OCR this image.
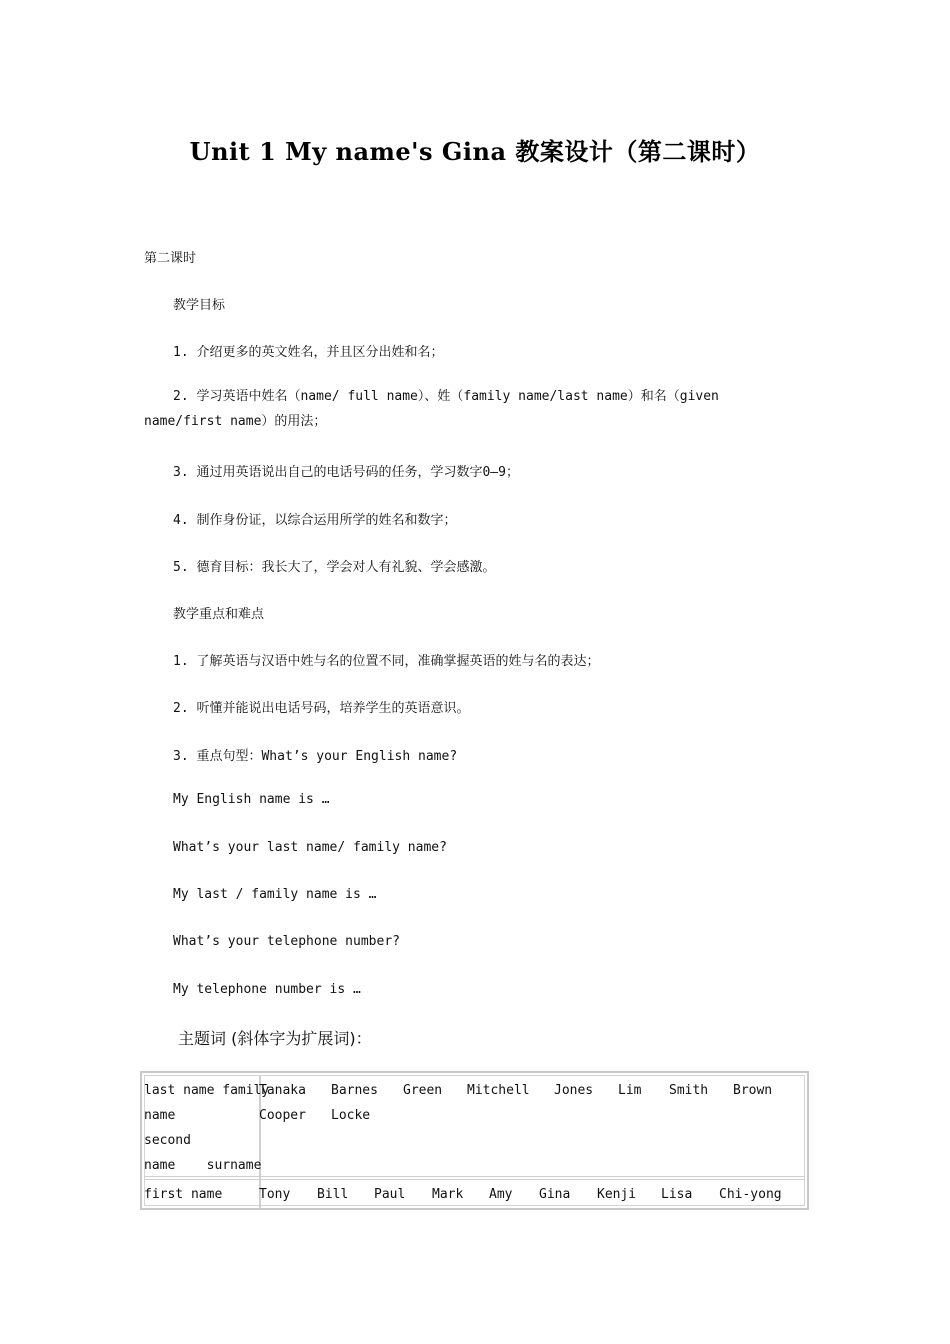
Unit 1 My name's Gina 教案设计（第二课时）
第二课时
教学目标
1. 介绍更多的英文姓名，并且区分出姓和名；
2. 学习英语中姓名（name/ full name）、姓（family name/last name）和名（given name/first name）的用法；
3. 通过用英语说出自己的电话号码的任务，学习数字0—9；
4. 制作身份证，以综合运用所学的姓名和数字；
5. 德育目标：我长大了，学会对人有礼貌、学会感激。
教学重点和难点
1. 了解英语与汉语中姓与名的位置不同，准确掌握英语的姓与名的表达；
2. 听懂并能说出电话号码，培养学生的英语意识。
3. 重点句型：What’s your English name?
My English name is …
What’s your last name/ family name?
My last / family name is …
What’s your telephone number?
My telephone number is …
主题词 (斜体字为扩展词)：
last name family
name
second
name    surname
Tanaka Barnes Green Mitchell Jones Lim Smith Brown
Cooper Locke
first name	Tony Bill Paul Mark Amy Gina Kenji Lisa Chi-yong
